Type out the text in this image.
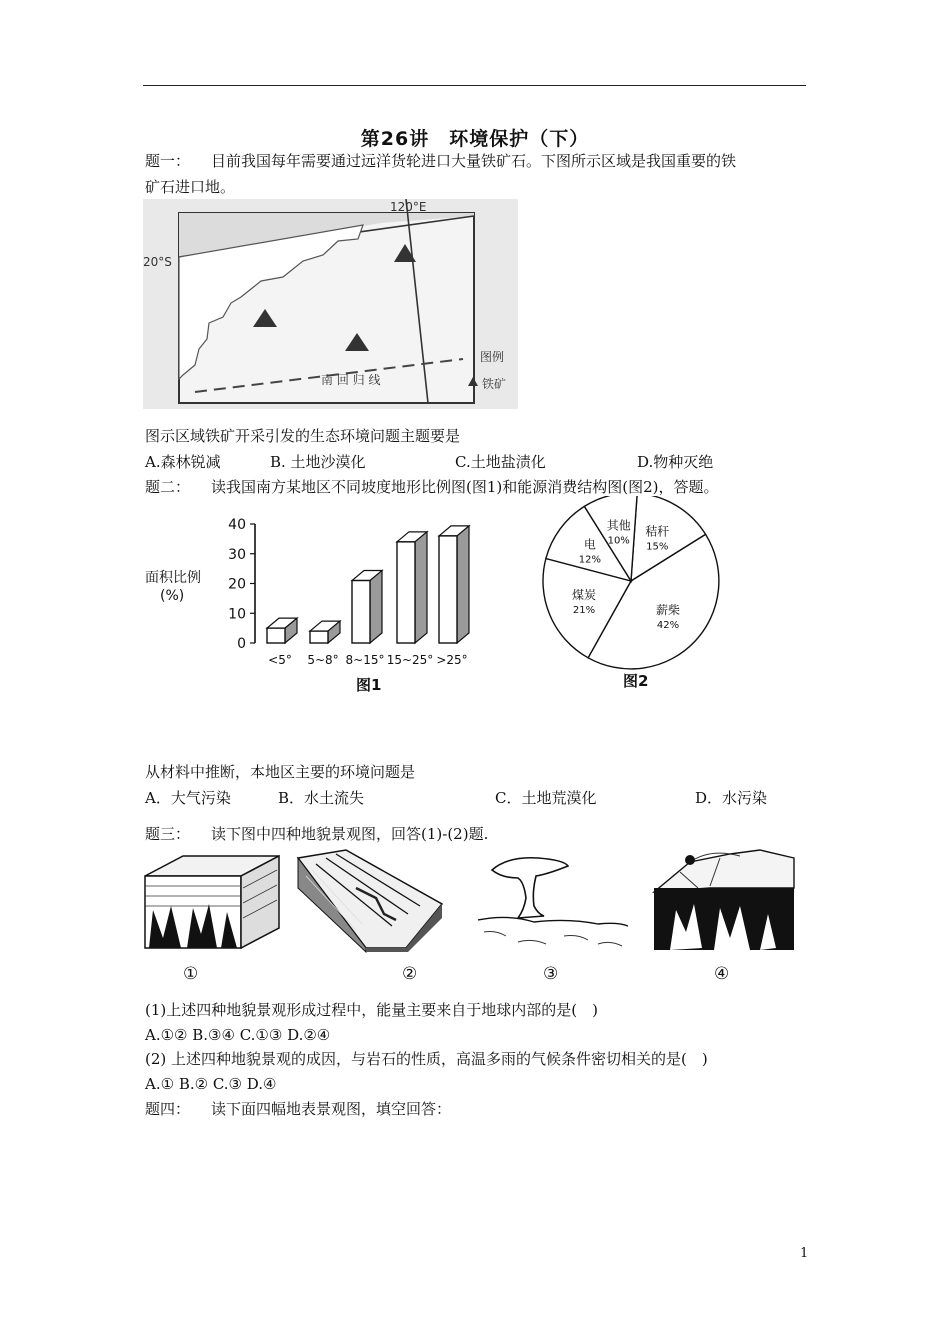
第26讲　环境保护（下）
题一： 目前我国每年需要通过远洋货轮进口大量铁矿石。下图所示区域是我国重要的铁
矿石进口地。
120°E
20°S
南 回 归 线
图例
铁矿
图示区域铁矿开采引发的生态环境问题主题要是
A.森林锐减	B. 土地沙漠化	C.土地盐渍化	D.物种灭绝
题二： 读我国南方某地区不同坡度地形比例图(图1)和能源消费结构图(图2)，答题。
面积比例
(%)
0
10
20
30
40
<5° 5~8° 8~15° 15~25° >25°
图1
秸秆
15%
薪柴
42%
煤炭
21%
电
12%
其他
10%
图2
从材料中推断，本地区主要的环境问题是
A．大气污染	B．水土流失	C．土地荒漠化	D．水污染
题三： 读下图中四种地貌景观图，回答(1)-(2)题.
①	②	③	④
(1)上述四种地貌景观形成过程中，能量主要来自于地球内部的是(　)
A.①② B.③④ C.①③ D.②④
(2) 上述四种地貌景观的成因，与岩石的性质，高温多雨的气候条件密切相关的是(　)
A.① B.② C.③ D.④
题四： 读下面四幅地表景观图，填空回答：
1
